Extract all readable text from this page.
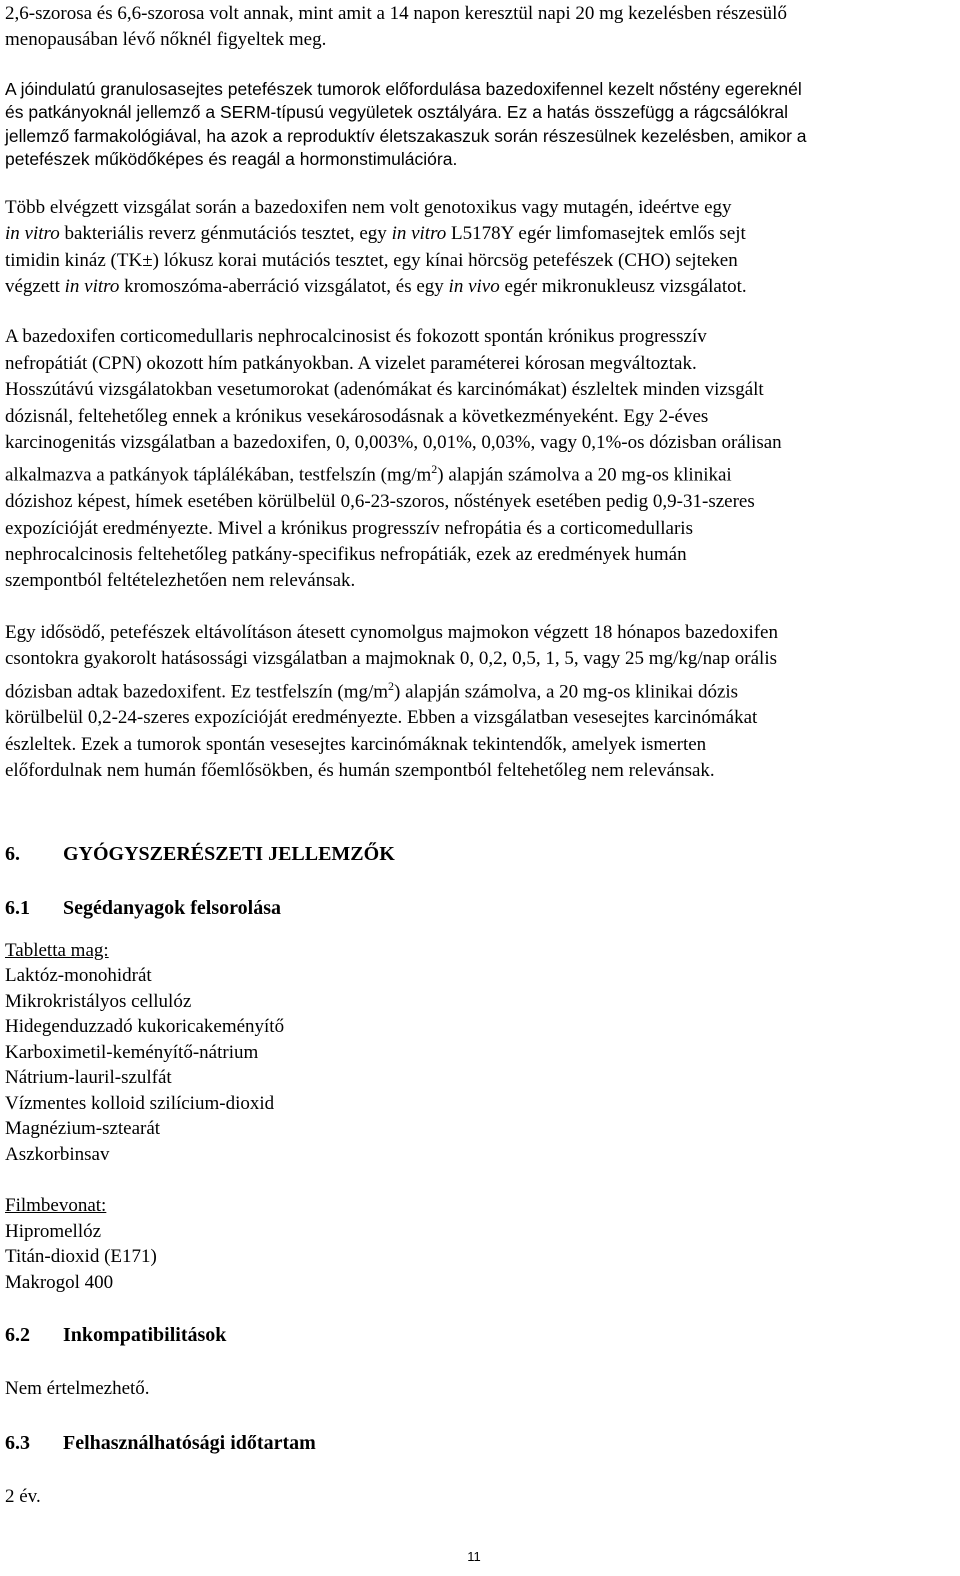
2,6-szorosa és 6,6-szorosa volt annak, mint amit a 14 napon keresztül napi 20 mg kezelésben részesülő
menopausában lévő nőknél figyeltek meg.

A jóindulatú granulosasejtes petefészek tumorok előfordulása bazedoxifennel kezelt nőstény egereknél
és patkányoknál jellemző a SERM-típusú vegyületek osztályára. Ez a hatás összefügg a rágcsálókral
jellemző farmakológiával, ha azok a reproduktív életszakaszuk során részesülnek kezelésben, amikor a
petefészek működőképes és reagál a hormonstimulációra.

Több elvégzett vizsgálat során a bazedoxifen nem volt genotoxikus vagy mutagén, ideértve egy
in vitro bakteriális reverz génmutációs tesztet, egy in vitro L5178Y egér limfomasejtek emlős sejt
timidin kináz (TK±) lókusz korai mutációs tesztet, egy kínai hörcsög petefészek (CHO) sejteken
végzett in vitro kromoszóma-aberráció vizsgálatot, és egy in vivo egér mikronukleusz vizsgálatot.

A bazedoxifen corticomedullaris nephrocalcinosist és fokozott spontán krónikus progresszív
nefropátiát (CPN) okozott hím patkányokban. A vizelet paraméterei kórosan megváltoztak.
Hosszútávú vizsgálatokban vesetumorokat (adenómákat és karcinómákat) észleltek minden vizsgált
dózisnál, feltehetőleg ennek a krónikus vesekárosodásnak a következményeként. Egy 2-éves
karcinogenitás vizsgálatban a bazedoxifen, 0, 0,003%, 0,01%, 0,03%, vagy 0,1%-os dózisban orálisan
alkalmazva a patkányok táplálékában, testfelszín $(mg/m^2)$ alapján számolva a 20 mg-os klinikai
dózishoz képest, hímek esetében körülbelül 0,6-23-szoros, nőstények esetében pedig 0,9-31-szeres
expozícióját eredményezte. Mivel a krónikus progresszív nefropátia és a corticomedullaris
nephrocalcinosis feltehetőleg patkány-specifikus nefropátiák, ezek az eredmények humán
szempontból feltételezhetően nem relevánsak.

Egy idősödő, petefészek eltávolításon átesett cynomolgus majmokon végzett 18 hónapos bazedoxifen
csontokra gyakorolt hatásossági vizsgálatban a majmoknak 0, 0,2, 0,5, 1, 5, vagy 25 mg/kg/nap orális
dózisban adtak bazedoxifent. Ez testfelszín $(mg/m^2)$ alapján számolva, a 20 mg-os klinikai dózis
körülbelül 0,2-24-szeres expozícióját eredményezte. Ebben a vizsgálatban vesesejtes karcinómákat
észleltek. Ezek a tumorok spontán vesesejtes karcinómáknak tekintendők, amelyek ismerten
előfordulnak nem humán főemlősökben, és humán szempontból feltehetőleg nem relevánsak.

6. GYÓGYSZERÉSZETI JELLEMZŐK
6.1 Segédanyagok felsorolása
Tabletta mag:
Laktóz-monohidrát
Mikrokristályos cellulóz
Hidegenduzzadó kukoricakeményítő
Karboximetil-keményítő-nátrium
Nátrium-lauril-szulfát
Vízmentes kolloid szilícium-dioxid
Magnézium-sztearát
Aszkorbinsav
Filmbevonat:
Hipromellóz
Titán-dioxid (E171)
Makrogol 400
6.2 Inkompatibilitások

Nem értelmezhető.

6.3 Felhasználhatósági időtartam

2 év.

11
